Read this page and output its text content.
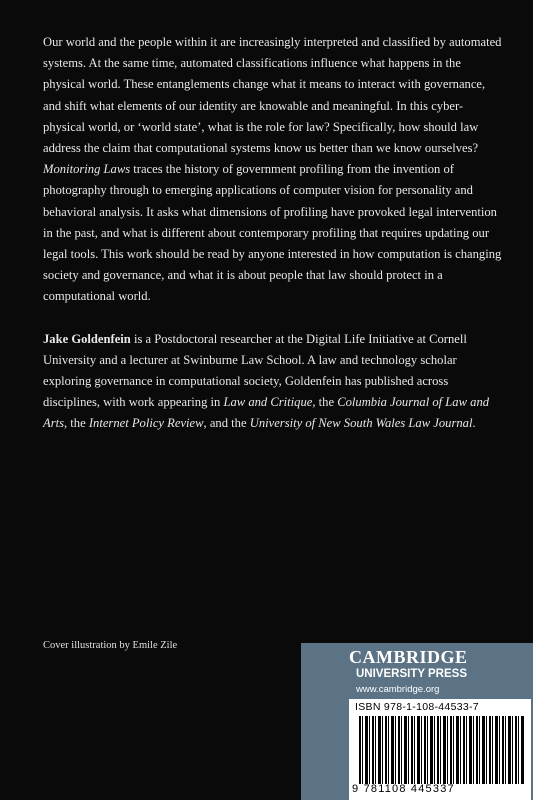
Our world and the people within it are increasingly interpreted and classified by automated systems. At the same time, automated classifications influence what happens in the physical world. These entanglements change what it means to interact with governance, and shift what elements of our identity are knowable and meaningful. In this cyber-physical world, or ‘world state’, what is the role for law? Specifically, how should law address the claim that computational systems know us better than we know ourselves? Monitoring Laws traces the history of government profiling from the invention of photography through to emerging applications of computer vision for personality and behavioral analysis. It asks what dimensions of profiling have provoked legal intervention in the past, and what is different about contemporary profiling that requires updating our legal tools. This work should be read by anyone interested in how computation is changing society and governance, and what it is about people that law should protect in a computational world.

Jake Goldenfein is a Postdoctoral researcher at the Digital Life Initiative at Cornell University and a lecturer at Swinburne Law School. A law and technology scholar exploring governance in computational society, Goldenfein has published across disciplines, with work appearing in Law and Critique, the Columbia Journal of Law and Arts, the Internet Policy Review, and the University of New South Wales Law Journal.

Cover illustration by Emile Zile
CAMBRIDGE
UNIVERSITY PRESS
www.cambridge.org
ISBN 978-1-108-44533-7
9 781108 445337
